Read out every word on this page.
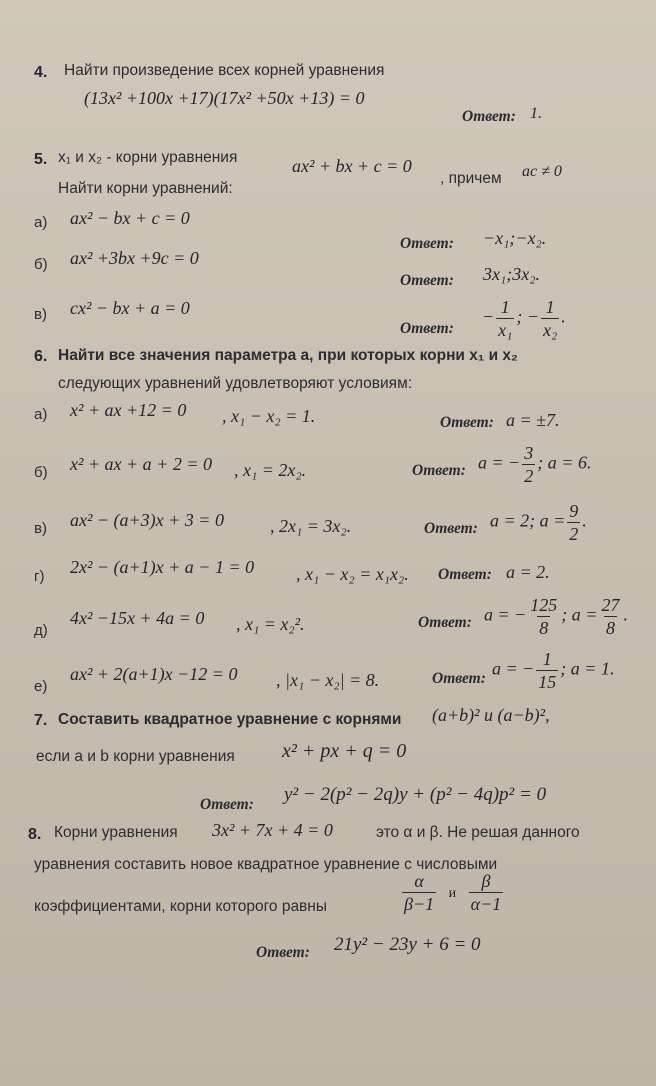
4. Найти произведение всех корней уравнения
(13x² +100x +17)(17x² +50x +13) = 0
Ответ: 1.
5. x₁ и x₂ - корни уравнения	ax² + bx + c = 0
, причем ac ≠ 0
Найти корни уравнений:
а) ax² − bx + c = 0
Ответ: −x₁;−x₂.
б) ax² +3bx +9c = 0
Ответ: 3x₁;3x₂.
в) cx² − bx + a = 0
Ответ:
− $\frac{1}{\text{x₁}}$ ; − $\frac{1}{\text{x₂}}$ .
6. Найти все значения параметра a, при которых корни x₁ и x₂
следующих уравнений удовлетворяют условиям:
а) x² + ax +12 = 0 , x₁ − x₂ = 1.	Ответ: a = ±7.
б) x² + ax + a + 2 = 0 , x₁ = 2x₂.	Ответ: a = − $\frac{3}{2}$ ; a = 6.
в) ax² − (a+3)x + 3 = 0	, 2x₁ = 3x₂.	Ответ: a = 2; $a = \frac{9}{2}$ .
г) 2x² − (a+1)x + a − 1 = 0 , x₁ − x₂ = x₁x₂. Ответ: a = 2.
д)
4x² −15x + 4a = 0 , x₁ = x₂².	Ответ: a = − $\frac{125}{8}$ ; $a = \frac{27}{8}$ .
е)
ax² + 2(a+1)x −12 = 0 , |x₁ − x₂| = 8.	Ответ: a = − $\frac{1}{15}$ ; a = 1.
7. Составить квадратное уравнение с корнями (a+b)² и (a−b)²,
если a и b корни уравнения x² + px + q = 0
Ответ: y² − 2(p² − 2q)y + (p² − 4q)p² = 0
8. Корни уравнения 3x² + 7x + 4 = 0	это α и β. Не решая данного
уравнения составить новое квадратное уравнение с числовыми
коэффициентами, корни которого равны	$\frac{\alpha}{\beta-1}$ и $\frac{\beta}{\alpha-1}$
Ответ: 21y² − 23y + 6 = 0
